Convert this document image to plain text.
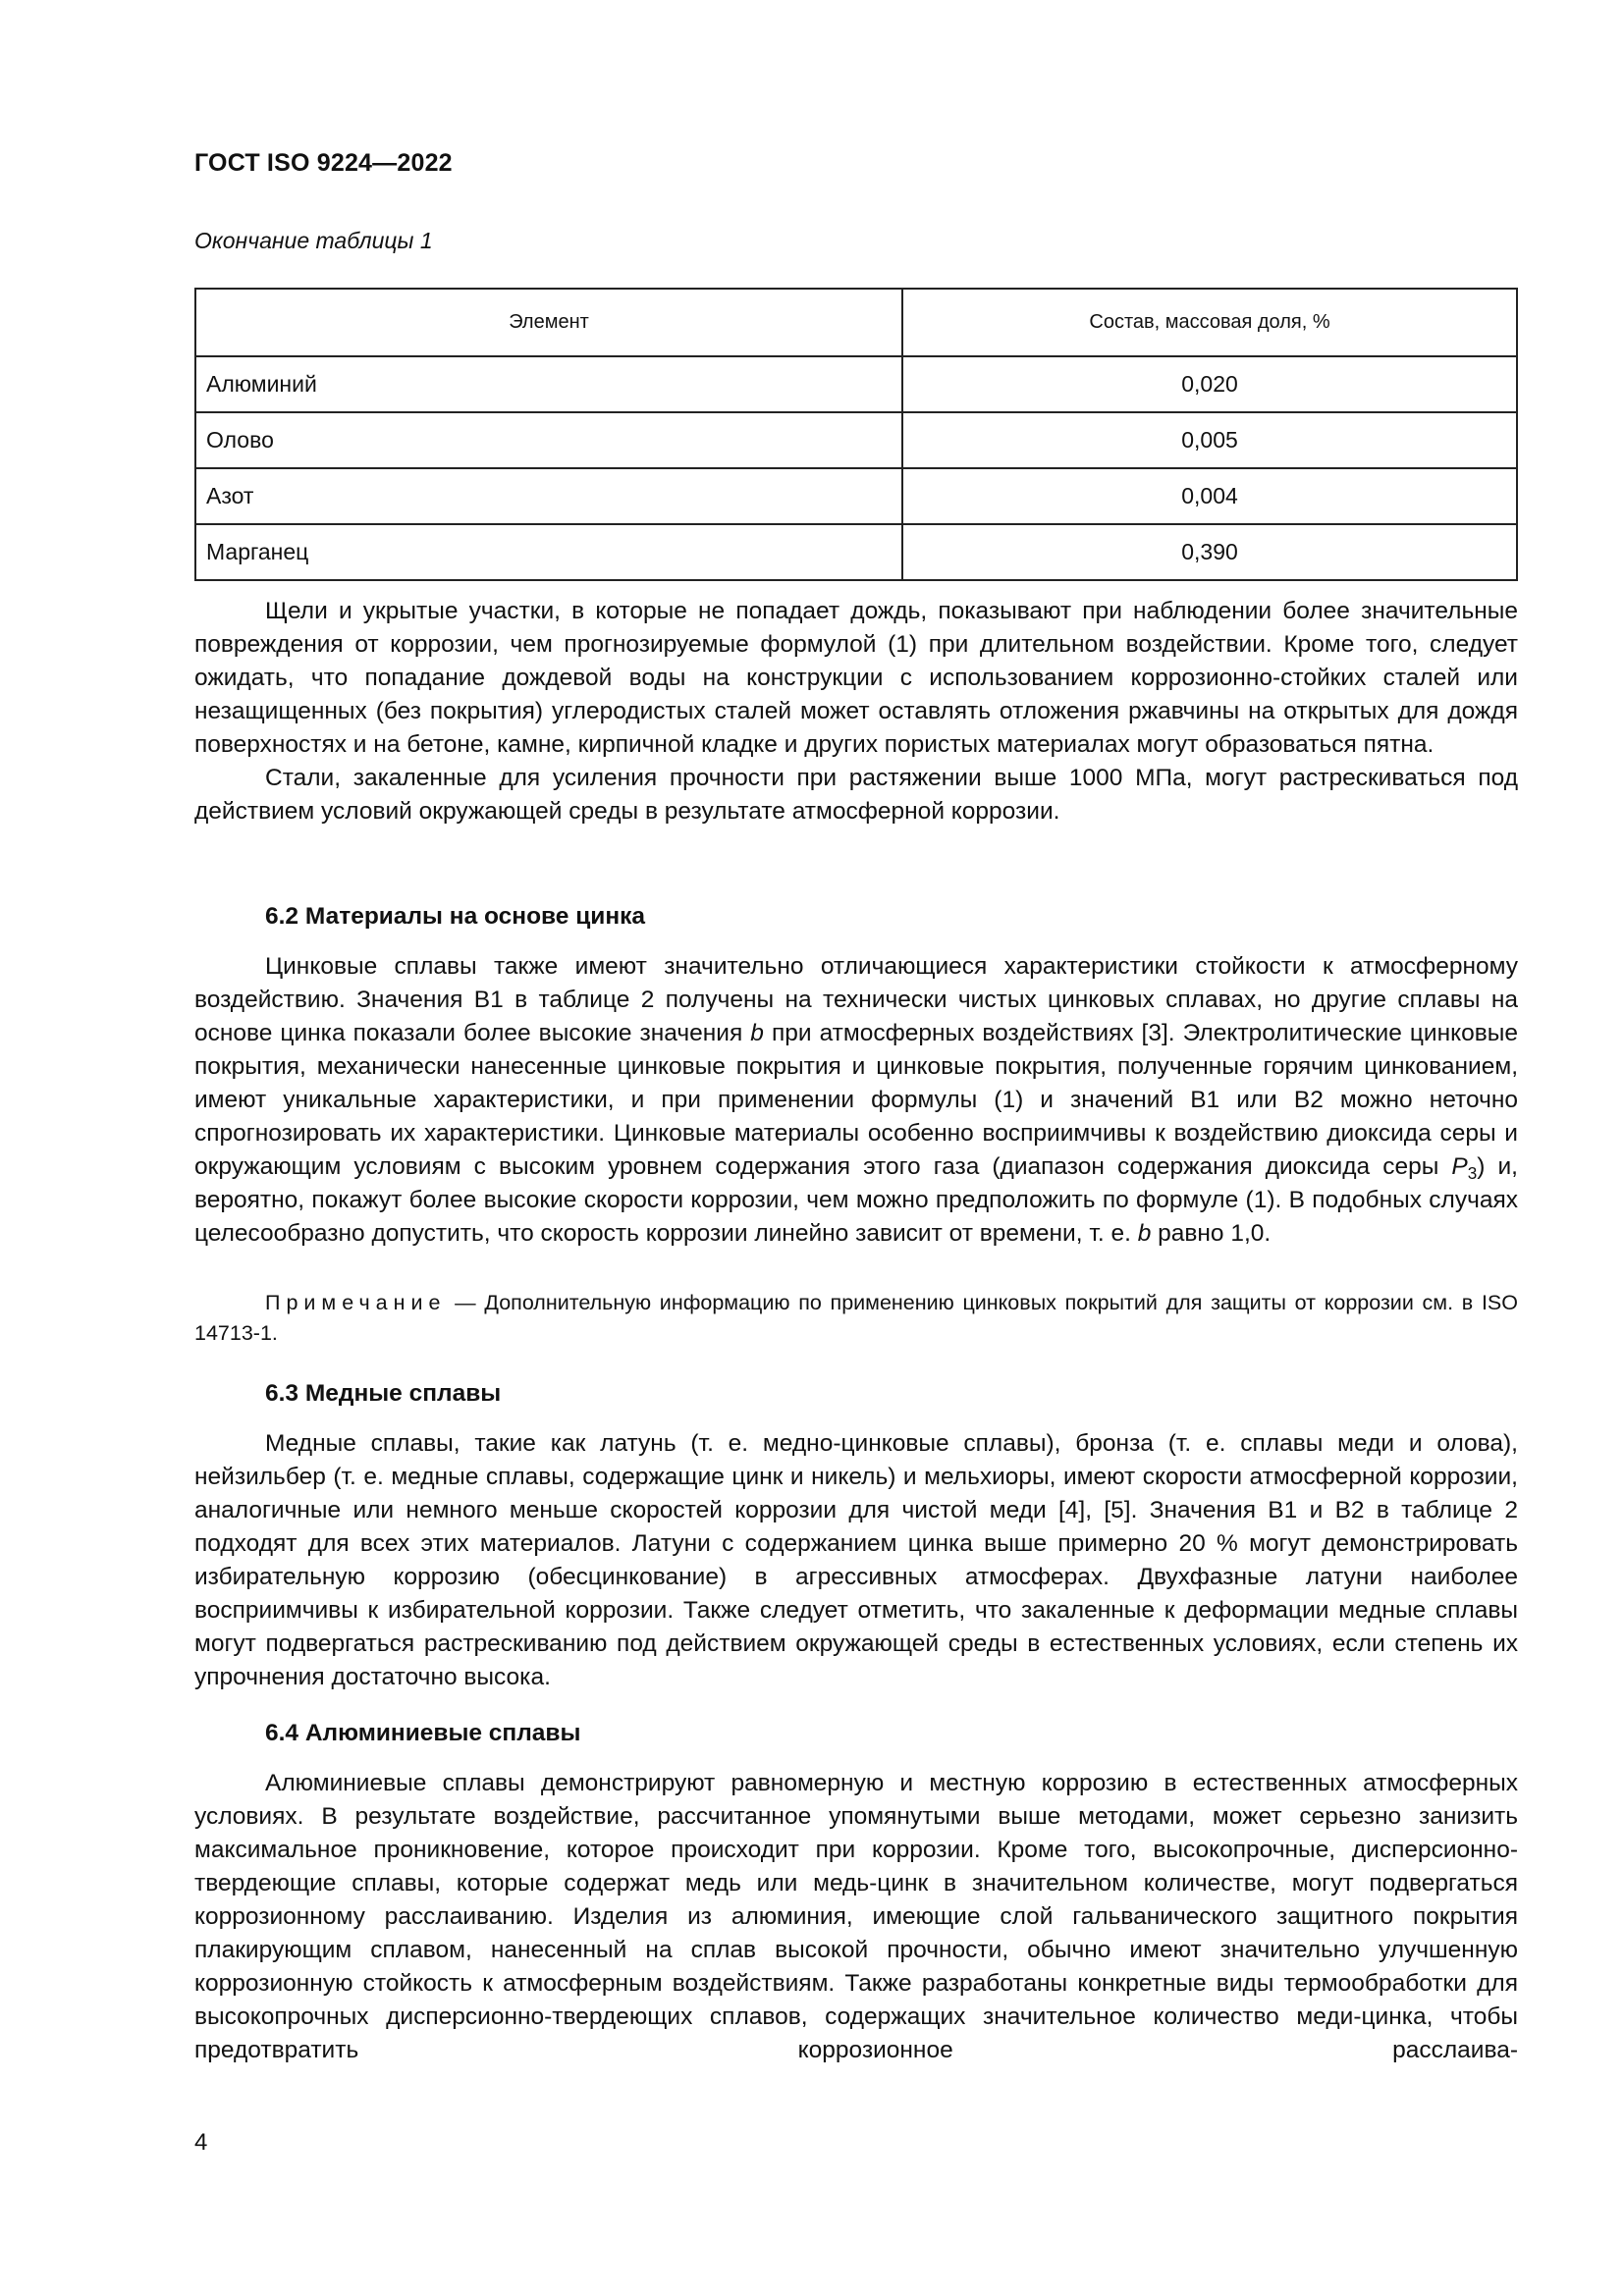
ГОСТ ISO 9224—2022
Окончание таблицы 1
Элемент	Состав, массовая доля, %
Алюминий	0,020
Олово	0,005
Азот	0,004
Марганец	0,390

Щели и укрытые участки, в которые не попадает дождь, показывают при наблюдении более значительные повреждения от коррозии, чем прогнозируемые формулой (1) при длительном воздействии. Кроме того, следует ожидать, что попадание дождевой воды на конструкции с использованием коррозионно-стойких сталей или незащищенных (без покрытия) углеродистых сталей может оставлять отложения ржавчины на открытых для дождя поверхностях и на бетоне, камне, кирпичной кладке и других пористых материалах могут образоваться пятна.

Стали, закаленные для усиления прочности при растяжении выше 1000 МПа, могут растрескиваться под действием условий окружающей среды в результате атмосферной коррозии.

6.2 Материалы на основе цинка

Цинковые сплавы также имеют значительно отличающиеся характеристики стойкости к атмосферному воздействию. Значения B1 в таблице 2 получены на технически чистых цинковых сплавах, но другие сплавы на основе цинка показали более высокие значения b при атмосферных воздействиях [3]. Электролитические цинковые покрытия, механически нанесенные цинковые покрытия и цинковые покрытия, полученные горячим цинкованием, имеют уникальные характеристики, и при применении формулы (1) и значений B1 или B2 можно неточно спрогнозировать их характеристики. Цинковые материалы особенно восприимчивы к воздействию диоксида серы и окружающим условиям с высоким уровнем содержания этого газа (диапазон содержания диоксида серы $P_3$) и, вероятно, покажут более высокие скорости коррозии, чем можно предположить по формуле (1). В подобных случаях целесообразно допустить, что скорость коррозии линейно зависит от времени, т. е. b равно 1,0.

Примечание — Дополнительную информацию по применению цинковых покрытий для защиты от коррозии см. в ISO 14713-1.
6.3 Медные сплавы

Медные сплавы, такие как латунь (т. е. медно-цинковые сплавы), бронза (т. е. сплавы меди и олова), нейзильбер (т. е. медные сплавы, содержащие цинк и никель) и мельхиоры, имеют скорости атмосферной коррозии, аналогичные или немного меньше скоростей коррозии для чистой меди [4], [5]. Значения B1 и B2 в таблице 2 подходят для всех этих материалов. Латуни с содержанием цинка выше примерно 20 % могут демонстрировать избирательную коррозию (обесцинкование) в агрессивных атмосферах. Двухфазные латуни наиболее восприимчивы к избирательной коррозии. Также следует отметить, что закаленные к деформации медные сплавы могут подвергаться растрескиванию под действием окружающей среды в естественных условиях, если степень их упрочнения достаточно высока.

6.4 Алюминиевые сплавы

Алюминиевые сплавы демонстрируют равномерную и местную коррозию в естественных атмосферных условиях. В результате воздействие, рассчитанное упомянутыми выше методами, может серьезно занизить максимальное проникновение, которое происходит при коррозии. Кроме того, высокопрочные, дисперсионно-твердеющие сплавы, которые содержат медь или медь-цинк в значительном количестве, могут подвергаться коррозионному расслаиванию. Изделия из алюминия, имеющие слой гальванического защитного покрытия плакирующим сплавом, нанесенный на сплав высокой прочности, обычно имеют значительно улучшенную коррозионную стойкость к атмосферным воздействиям. Также разработаны конкретные виды термообработки для высокопрочных дисперсионно-твердеющих сплавов, содержащих значительное количество меди-цинка, чтобы предотвратить коррозионное расслаива-

4
